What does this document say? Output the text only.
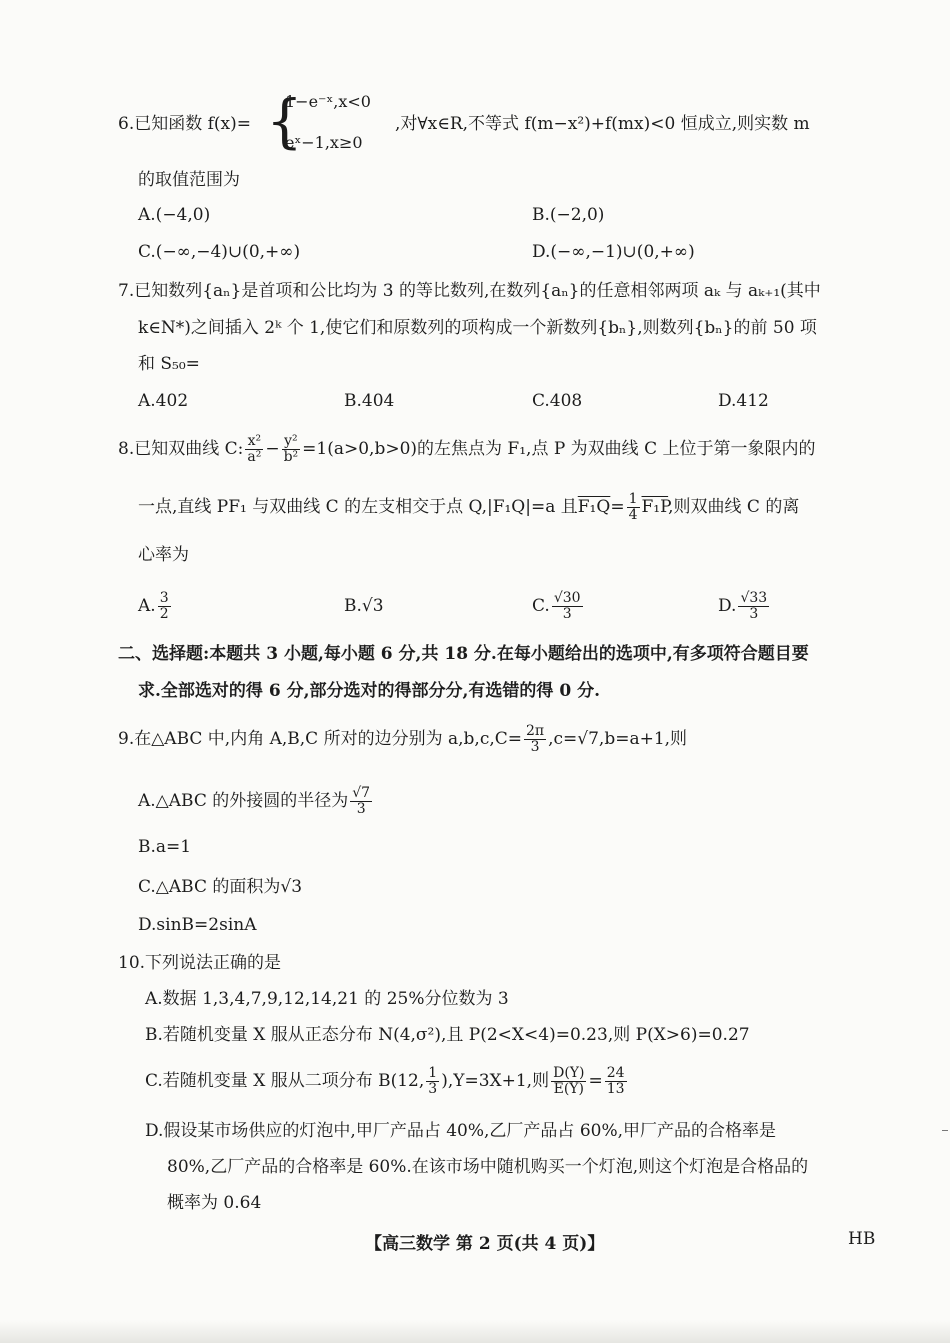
6.已知函数 f(x)= {
1−e⁻ˣ,x<0
eˣ−1,x≥0
,对∀x∈R,不等式 f(m−x²)+f(mx)<0 恒成立,则实数 m
的取值范围为
A.(−4,0)	B.(−2,0)
C.(−∞,−4)∪(0,+∞)	D.(−∞,−1)∪(0,+∞)
7.已知数列{aₙ}是首项和公比均为 3 的等比数列,在数列{aₙ}的任意相邻两项 aₖ 与 aₖ₊₁(其中
k∈N*)之间插入 2ᵏ 个 1,使它们和原数列的项构成一个新数列{bₙ},则数列{bₙ}的前 50 项
和 S₅₀=
A.402	B.404	C.408	D.412
8.已知双曲线 C: $\frac{\text{x²}}{\text{a²}} - \frac{\text{y²}}{\text{b²}} =1(a>0,b>0)$的左焦点为 F₁,点 P 为双曲线 C 上位于第一象限内的
一点,直线 PF₁ 与双曲线 C 的左支相交于点 Q,|F₁Q|=a 且$F_1Q= \frac{1}{4} F_1P$,则双曲线 C 的离
心率为
A. $\frac{3}{2}$	B.√3	C. $\frac{√30}{3}$	D. $\frac{√33}{3}$
二、选择题:本题共 3 小题,每小题 6 分,共 18 分.在每小题给出的选项中,有多项符合题目要
求.全部选对的得 6 分,部分选对的得部分分,有选错的得 0 分.
9.在△ABC 中,内角 A,B,C 所对的边分别为 $a,b,c,C= \frac{2\pi}{3} ,c=√7,b=a+1$,则
A.△ABC 的外接圆的半径为 $\frac{√7}{3}$
B.a=1
C.△ABC 的面积为√3
D.sinB=2sinA
10.下列说法正确的是
A.数据 1,3,4,7,9,12,14,21 的 25%分位数为 3
B.若随机变量 X 服从正态分布 N(4,σ²),且 P(2<X<4)=0.23,则 P(X>6)=0.27
C.若随机变量 X 服从二项分布 B(12, $\frac{1}{3} ),Y=3X+1$,则 $\frac{D(Y)}{E(Y)} = \frac{24}{13}$
D.假设某市场供应的灯泡中,甲厂产品占 40%,乙厂产品占 60%,甲厂产品的合格率是
80%,乙厂产品的合格率是 60%.在该市场中随机购买一个灯泡,则这个灯泡是合格品的
概率为 0.64
【高三数学 第 2 页(共 4 页)】	HB
